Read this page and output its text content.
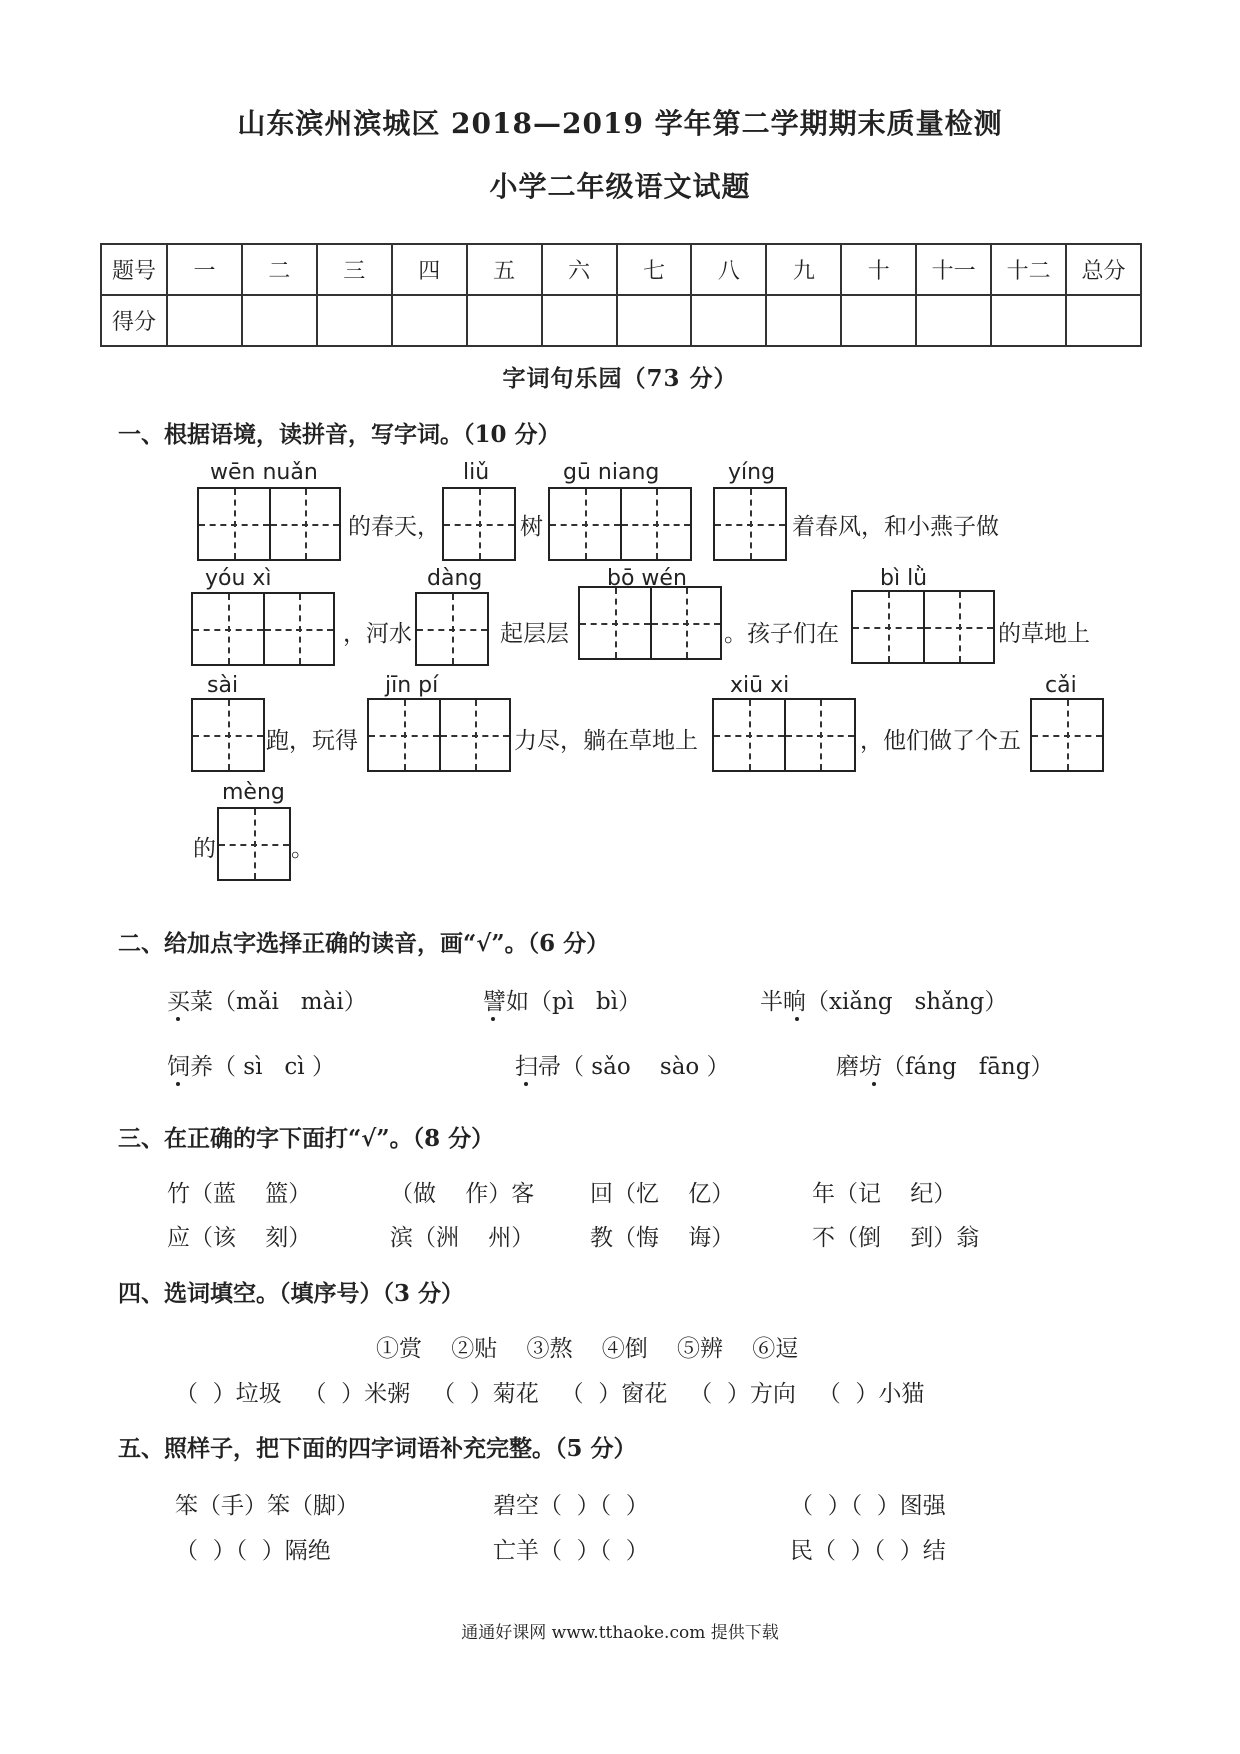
山东滨州滨城区 2018—2019 学年第二学期期末质量检测
小学二年级语文试题
题号	一	二	三	四	五	六	七	八	九	十	十一	十二	总分
得分													
字词句乐园（73 分）
一、根据语境，读拼音，写字词。（10 分）
wēn nuǎn
的春天，
liǔ
树
gū niang	yíng
着春风，和小燕子做
yóu xì
，河水
dàng
起层层
bō wén
。孩子们在
bì lǜ
的草地上
sài
跑，玩得
jīn pí
力尽，躺在草地上
xiū xi
，他们做了个五
cǎi
mèng
的	。
二、给加点字选择正确的读音，画“√”。（6 分）
买菜（mǎi   mài）	譬如（pì   bì）	半晌（xiǎng   shǎng）
饲养（ sì   cì ）	扫帚（ sǎo    sào ）	磨坊（fáng   fāng）
三、在正确的字下面打“√”。（8 分）
竹（蓝    篮）	（做    作）客 回（忆    亿）	年（记    纪）
应（该    刻）	滨（洲    州） 教（悔    诲）	不（倒    到）翁
四、选词填空。（填序号）（3 分）
①赏    ②贴    ③熬    ④倒    ⑤辨    ⑥逗
（  ）垃圾   （  ）米粥   （  ）菊花   （  ）窗花   （  ）方向   （  ）小猫
五、照样子，把下面的四字词语补充完整。（5 分）
笨（手）笨（脚）	碧空（  ）（  ）	（  ）（  ）图强
（  ）（  ）隔绝	亡羊（  ）（  ）	民（  ）（  ）结
通通好课网 www.tthaoke.com 提供下载
